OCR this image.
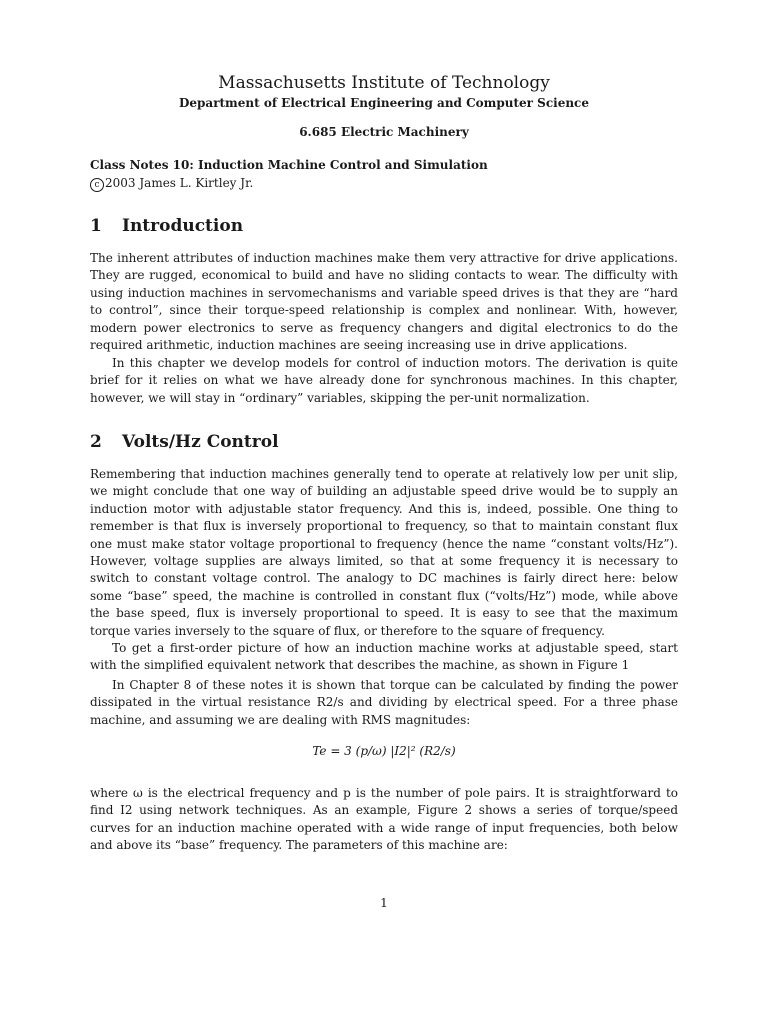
Massachusetts Institute of Technology
Department of Electrical Engineering and Computer Science
6.685 Electric Machinery
Class Notes 10: Induction Machine Control and Simulation
c 2003 James L. Kirtley Jr.
1 Introduction

The inherent attributes of induction machines make them very attractive for drive applications. They are rugged, economical to build and have no sliding contacts to wear. The difficulty with using induction machines in servomechanisms and variable speed drives is that they are “hard to control”, since their torque-speed relationship is complex and nonlinear. With, however, modern power electronics to serve as frequency changers and digital electronics to do the required arithmetic, induction machines are seeing increasing use in drive applications.

In this chapter we develop models for control of induction motors. The derivation is quite brief for it relies on what we have already done for synchronous machines. In this chapter, however, we will stay in “ordinary” variables, skipping the per-unit normalization.

2 Volts/Hz Control

Remembering that induction machines generally tend to operate at relatively low per unit slip, we might conclude that one way of building an adjustable speed drive would be to supply an induction motor with adjustable stator frequency. And this is, indeed, possible. One thing to remember is that flux is inversely proportional to frequency, so that to maintain constant flux one must make stator voltage proportional to frequency (hence the name “constant volts/Hz”). However, voltage supplies are always limited, so that at some frequency it is necessary to switch to constant voltage control. The analogy to DC machines is fairly direct here: below some “base” speed, the machine is controlled in constant flux (“volts/Hz”) mode, while above the base speed, flux is inversely proportional to speed. It is easy to see that the maximum torque varies inversely to the square of flux, or therefore to the square of frequency.

To get a first-order picture of how an induction machine works at adjustable speed, start with the simplified equivalent network that describes the machine, as shown in Figure 1

In Chapter 8 of these notes it is shown that torque can be calculated by finding the power dissipated in the virtual resistance R2/s and dividing by electrical speed. For a three phase machine, and assuming we are dealing with RMS magnitudes:

Te = 3 (p/ω) |I2|² (R2/s)

where ω is the electrical frequency and p is the number of pole pairs. It is straightforward to find I2 using network techniques. As an example, Figure 2 shows a series of torque/speed curves for an induction machine operated with a wide range of input frequencies, both below and above its “base” frequency. The parameters of this machine are:

1
